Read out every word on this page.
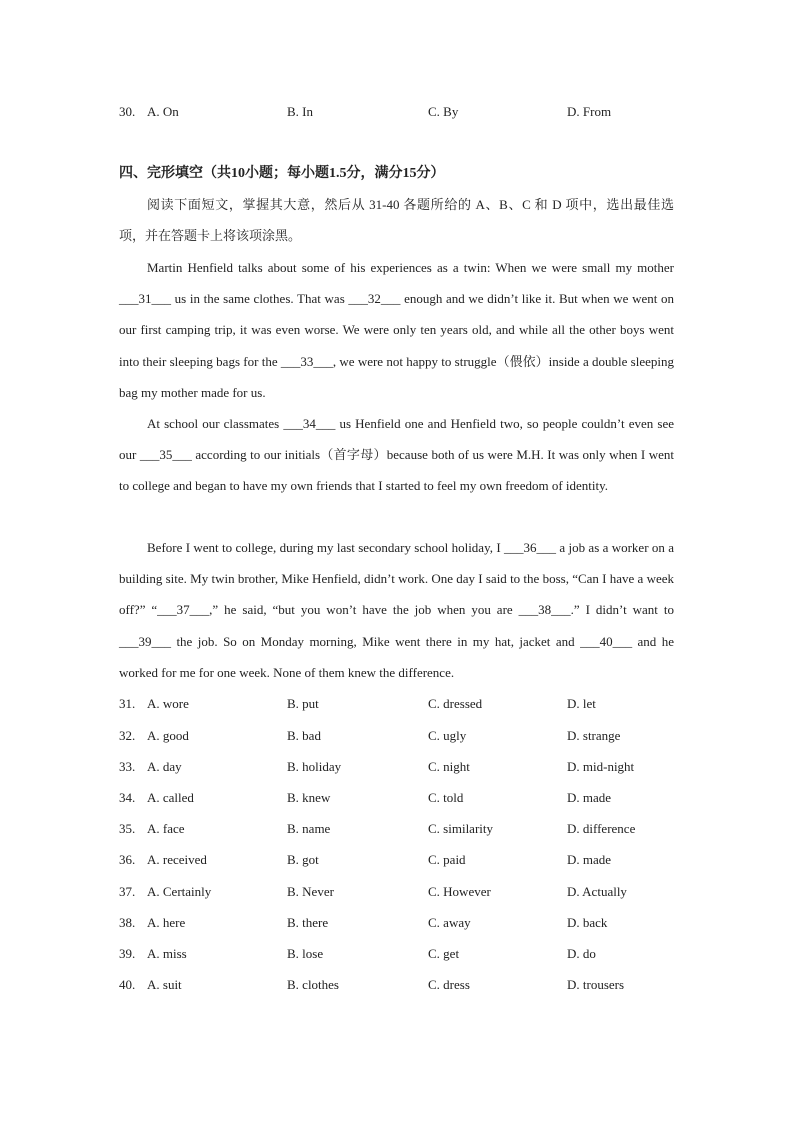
30. A. On	B. In	C. By	D. From
四、完形填空（共10小题；每小题1.5分，满分15分）

阅读下面短文，掌握其大意，然后从 31-40 各题所给的 A、B、C 和 D 项中，选出最佳选项，并在答题卡上将该项涂黑。

Martin Henfield talks about some of his experiences as a twin: When we were small my mother ___31___ us in the same clothes. That was ___32___ enough and we didn’t like it. But when we went on our first camping trip, it was even worse. We were only ten years old, and while all the other boys went into their sleeping bags for the ___33___, we were not happy to struggle（偎依）inside a double sleeping bag my mother made for us.

At school our classmates ___34___ us Henfield one and Henfield two, so people couldn’t even see our ___35___ according to our initials（首字母）because both of us were M.H. It was only when I went to college and began to have my own friends that I started to feel my own freedom of identity.

Before I went to college, during my last secondary school holiday, I ___36___ a job as a worker on a building site. My twin brother, Mike Henfield, didn’t work. One day I said to the boss, “Can I have a week off?” “___37___,” he said, “but you won’t have the job when you are ___38___.” I didn’t want to ___39___ the job. So on Monday morning, Mike went there in my hat, jacket and ___40___ and he worked for me for one week. None of them knew the difference.

31. A. wore	B. put	C. dressed	D. let
32. A. good	B. bad	C. ugly	D. strange
33. A. day	B. holiday	C. night	D. mid-night
34. A. called	B. knew	C. told	D. made
35. A. face	B. name	C. similarity	D. difference
36. A. received	B. got	C. paid	D. made
37. A. Certainly	B. Never	C. However	D. Actually
38. A. here	B. there	C. away	D. back
39. A. miss	B. lose	C. get	D. do
40. A. suit	B. clothes	C. dress	D. trousers
